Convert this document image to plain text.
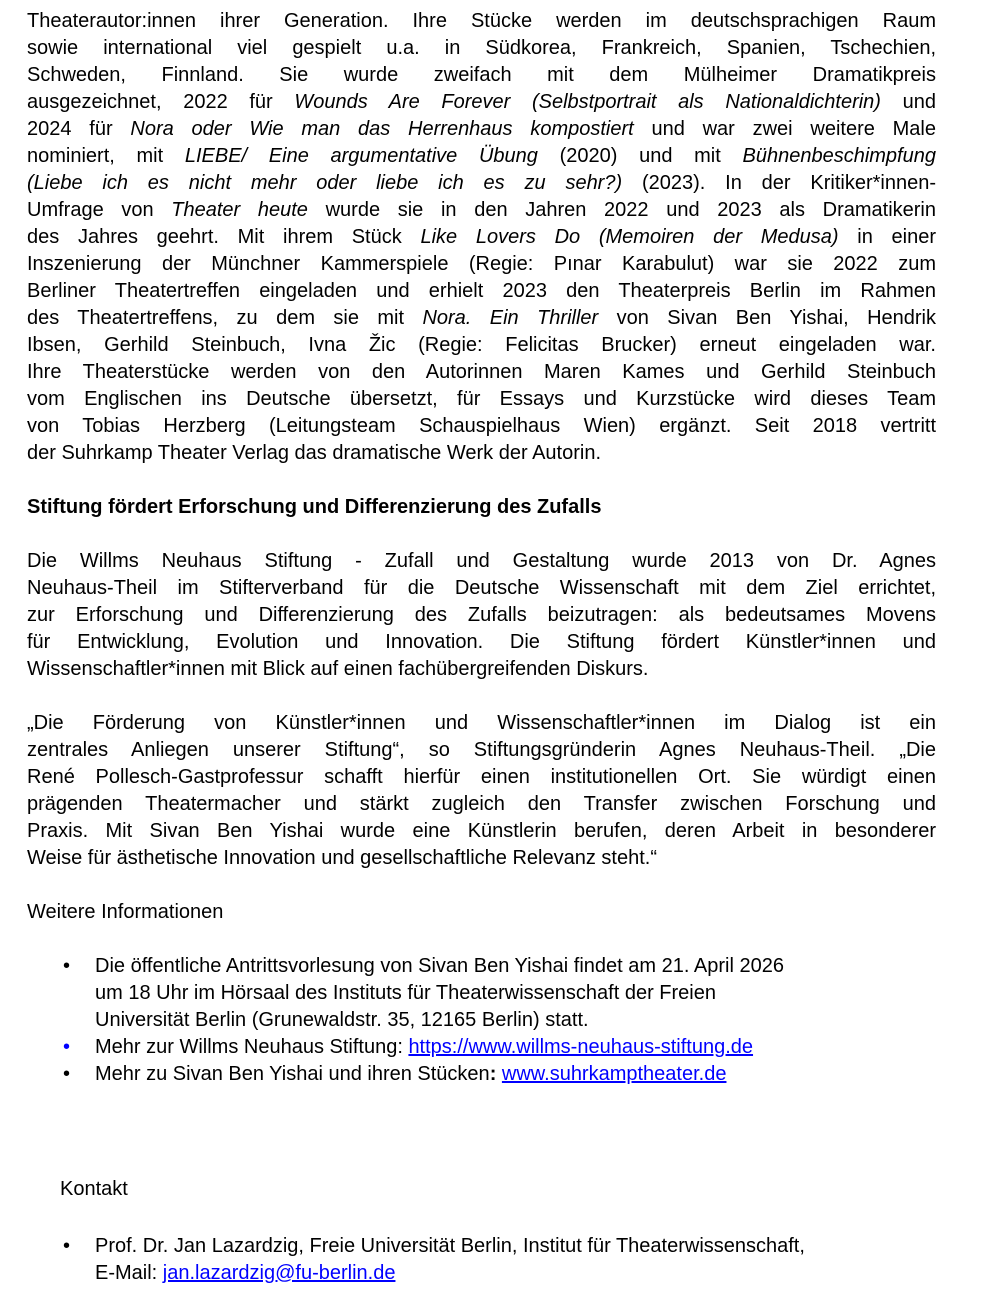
Theaterautor:innen ihrer Generation. Ihre Stücke werden im deutschsprachigen Raum
sowie international viel gespielt u.a. in Südkorea, Frankreich, Spanien, Tschechien,
Schweden, Finnland. Sie wurde zweifach mit dem Mülheimer Dramatikpreis
ausgezeichnet, 2022 für Wounds Are Forever (Selbstportrait als Nationaldichterin) und
2024 für Nora oder Wie man das Herrenhaus kompostiert und war zwei weitere Male
nominiert, mit LIEBE/ Eine argumentative Übung (2020) und mit Bühnenbeschimpfung
(Liebe ich es nicht mehr oder liebe ich es zu sehr?) (2023). In der Kritiker*innen-
Umfrage von Theater heute wurde sie in den Jahren 2022 und 2023 als Dramatikerin
des Jahres geehrt. Mit ihrem Stück Like Lovers Do (Memoiren der Medusa) in einer
Inszenierung der Münchner Kammerspiele (Regie: Pınar Karabulut) war sie 2022 zum
Berliner Theatertreffen eingeladen und erhielt 2023 den Theaterpreis Berlin im Rahmen
des Theatertreffens, zu dem sie mit Nora. Ein Thriller von Sivan Ben Yishai, Hendrik
Ibsen, Gerhild Steinbuch, Ivna Žic (Regie: Felicitas Brucker) erneut eingeladen war.
Ihre Theaterstücke werden von den Autorinnen Maren Kames und Gerhild Steinbuch
vom Englischen ins Deutsche übersetzt, für Essays und Kurzstücke wird dieses Team
von Tobias Herzberg (Leitungsteam Schauspielhaus Wien) ergänzt. Seit 2018 vertritt
der Suhrkamp Theater Verlag das dramatische Werk der Autorin.
Stiftung fördert Erforschung und Differenzierung des Zufalls
Die Willms Neuhaus Stiftung - Zufall und Gestaltung wurde 2013 von Dr. Agnes
Neuhaus-Theil im Stifterverband für die Deutsche Wissenschaft mit dem Ziel errichtet,
zur Erforschung und Differenzierung des Zufalls beizutragen: als bedeutsames Movens
für Entwicklung, Evolution und Innovation. Die Stiftung fördert Künstler*innen und
Wissenschaftler*innen mit Blick auf einen fachübergreifenden Diskurs.
„Die Förderung von Künstler*innen und Wissenschaftler*innen im Dialog ist ein
zentrales Anliegen unserer Stiftung“, so Stiftungsgründerin Agnes Neuhaus-Theil. „Die
René Pollesch-Gastprofessur schafft hierfür einen institutionellen Ort. Sie würdigt einen
prägenden Theatermacher und stärkt zugleich den Transfer zwischen Forschung und
Praxis. Mit Sivan Ben Yishai wurde eine Künstlerin berufen, deren Arbeit in besonderer
Weise für ästhetische Innovation und gesellschaftliche Relevanz steht.“
Weitere Informationen
• Die öffentliche Antrittsvorlesung von Sivan Ben Yishai findet am 21. April 2026
um 18 Uhr im Hörsaal des Instituts für Theaterwissenschaft der Freien
Universität Berlin (Grunewaldstr. 35, 12165 Berlin) statt.
• Mehr zur Willms Neuhaus Stiftung: https://www.willms-neuhaus-stiftung.de
• Mehr zu Sivan Ben Yishai und ihren Stücken: www.suhrkamptheater.de
Kontakt
• Prof. Dr. Jan Lazardzig, Freie Universität Berlin, Institut für Theaterwissenschaft,
E-Mail: jan.lazardzig@fu-berlin.de
